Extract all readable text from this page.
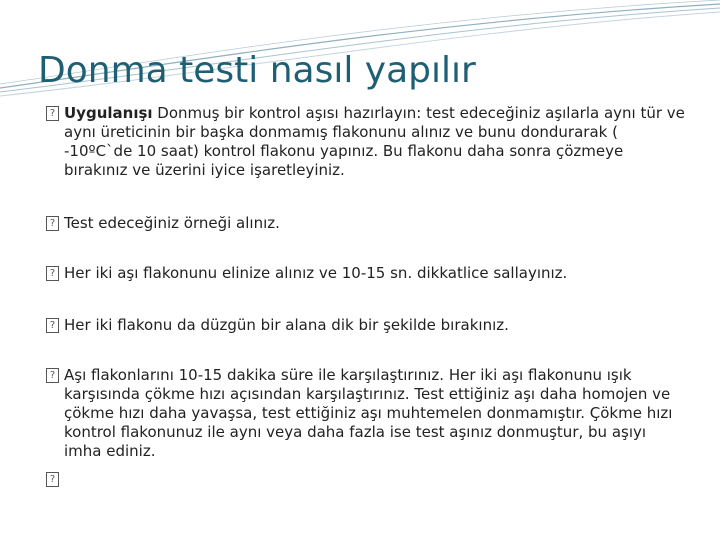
Donma testi nasıl yapılır
? Uygulanışı Donmuş bir kontrol aşısı hazırlayın: test edeceğiniz aşılarla aynı tür ve aynı üreticinin bir başka donmamış flakonunu alınız ve bunu dondurarak ( -10ºC`de 10 saat) kontrol flakonu yapınız. Bu flakonu daha sonra çözmeye bırakınız ve üzerini iyice işaretleyiniz.
? Test edeceğiniz örneği alınız.
? Her iki aşı flakonunu elinize alınız ve 10-15 sn. dikkatlice sallayınız.
? Her iki flakonu da düzgün bir alana dik bir şekilde bırakınız.
? Aşı flakonlarını 10-15 dakika süre ile karşılaştırınız. Her iki aşı flakonunu ışık karşısında çökme hızı açısından karşılaştırınız. Test ettiğiniz aşı daha homojen ve çökme hızı daha yavaşsa, test ettiğiniz aşı muhtemelen donmamıştır. Çökme hızı kontrol flakonunuz ile aynı veya daha fazla ise test aşınız donmuştur, bu aşıyı imha ediniz.
?
